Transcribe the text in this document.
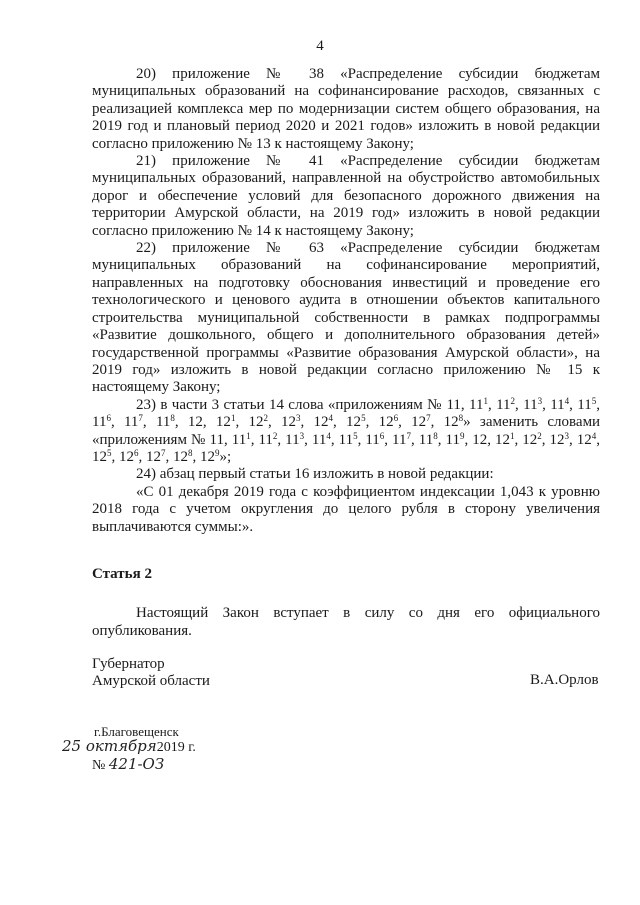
4

20) приложение № 38 «Распределение субсидии бюджетам муниципальных образований на софинансирование расходов, связанных с реализацией комплекса мер по модернизации систем общего образования, на 2019 год и плановый период 2020 и 2021 годов» изложить в новой редакции согласно приложению № 13 к настоящему Закону;

21) приложение № 41 «Распределение субсидии бюджетам муниципальных образований, направленной на обустройство автомобильных дорог и обеспечение условий для безопасного дорожного движения на территории Амурской области, на 2019 год» изложить в новой редакции согласно приложению № 14 к настоящему Закону;

22) приложение № 63 «Распределение субсидии бюджетам муниципальных образований на софинансирование мероприятий, направленных на подготовку обоснования инвестиций и проведение его технологического и ценового аудита в отношении объектов капитального строительства муниципальной собственности в рамках подпрограммы «Развитие дошкольного, общего и дополнительного образования детей» государственной программы «Развитие образования Амурской области», на 2019 год» изложить в новой редакции согласно приложению № 15 к настоящему Закону;

23) в части 3 статьи 14 слова «приложениям № 11, $11^1$, $11^2$, $11^3$, $11^4$, $11^5$, $11^6$, $11^7$, $11^8$, 12, $12^1$, $12^2$, $12^3$, $12^4$, $12^5$, $12^6$, $12^7$, $12^8$» заменить словами «приложениям № 11, $11^1$, $11^2$, $11^3$, $11^4$, $11^5$, $11^6$, $11^7$, $11^8$, $11^9$, 12, $12^1$, $12^2$, $12^3$, $12^4$, $12^5$, $12^6$, $12^7$, $12^8$, $12^9$»;

24) абзац первый статьи 16 изложить в новой редакции:

«С 01 декабря 2019 года с коэффициентом индексации 1,043 к уровню 2018 года с учетом округления до целого рубля в сторону увеличения выплачиваются суммы:».

Статья 2

Настоящий Закон вступает в силу со дня его официального опубликования.

Губернатор
Амурской области	В.А.Орлов
г.Благовещенск
25 октября2019 г.
№ 421-ОЗ
